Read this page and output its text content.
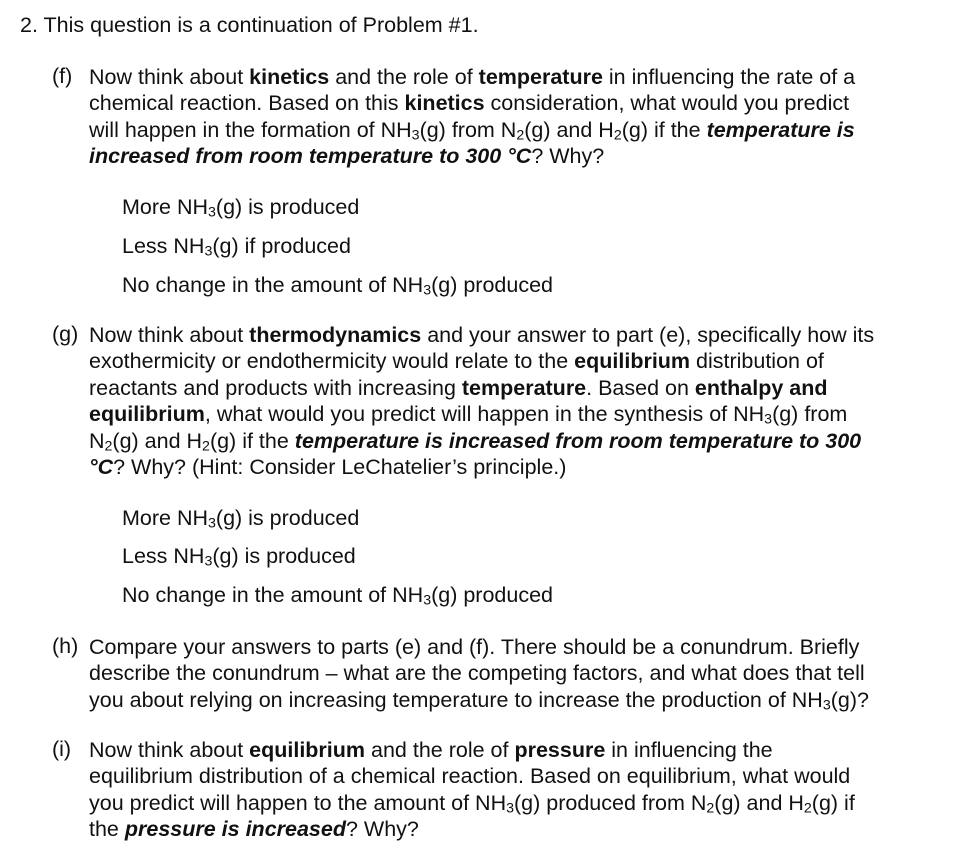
2. This question is a continuation of Problem #1.
(f) Now think about kinetics and the role of temperature in influencing the rate of a
chemical reaction. Based on this kinetics consideration, what would you predict
will happen in the formation of $NH_3(g)$ from $N_2(g)$ and $H_2(g)$ if the temperature is
increased from room temperature to 300 °C? Why?
More $NH_3(g)$ is produced
Less $NH_3(g)$ if produced
No change in the amount of $NH_3(g)$ produced
(g) Now think about thermodynamics and your answer to part (e), specifically how its
exothermicity or endothermicity would relate to the equilibrium distribution of
reactants and products with increasing temperature. Based on enthalpy and
equilibrium, what would you predict will happen in the synthesis of $NH_3(g)$ from
$N_2(g)$ and $H_2(g)$ if the temperature is increased from room temperature to 300
°C? Why? (Hint: Consider LeChatelier’s principle.)
More $NH_3(g)$ is produced
Less $NH_3(g)$ is produced
No change in the amount of $NH_3(g)$ produced
(h) Compare your answers to parts (e) and (f). There should be a conundrum. Briefly
describe the conundrum – what are the competing factors, and what does that tell
you about relying on increasing temperature to increase the production of $NH_3(g)$?
(i) Now think about equilibrium and the role of pressure in influencing the
equilibrium distribution of a chemical reaction. Based on equilibrium, what would
you predict will happen to the amount of $NH_3(g)$ produced from $N_2(g)$ and $H_2(g)$ if
the pressure is increased? Why?
